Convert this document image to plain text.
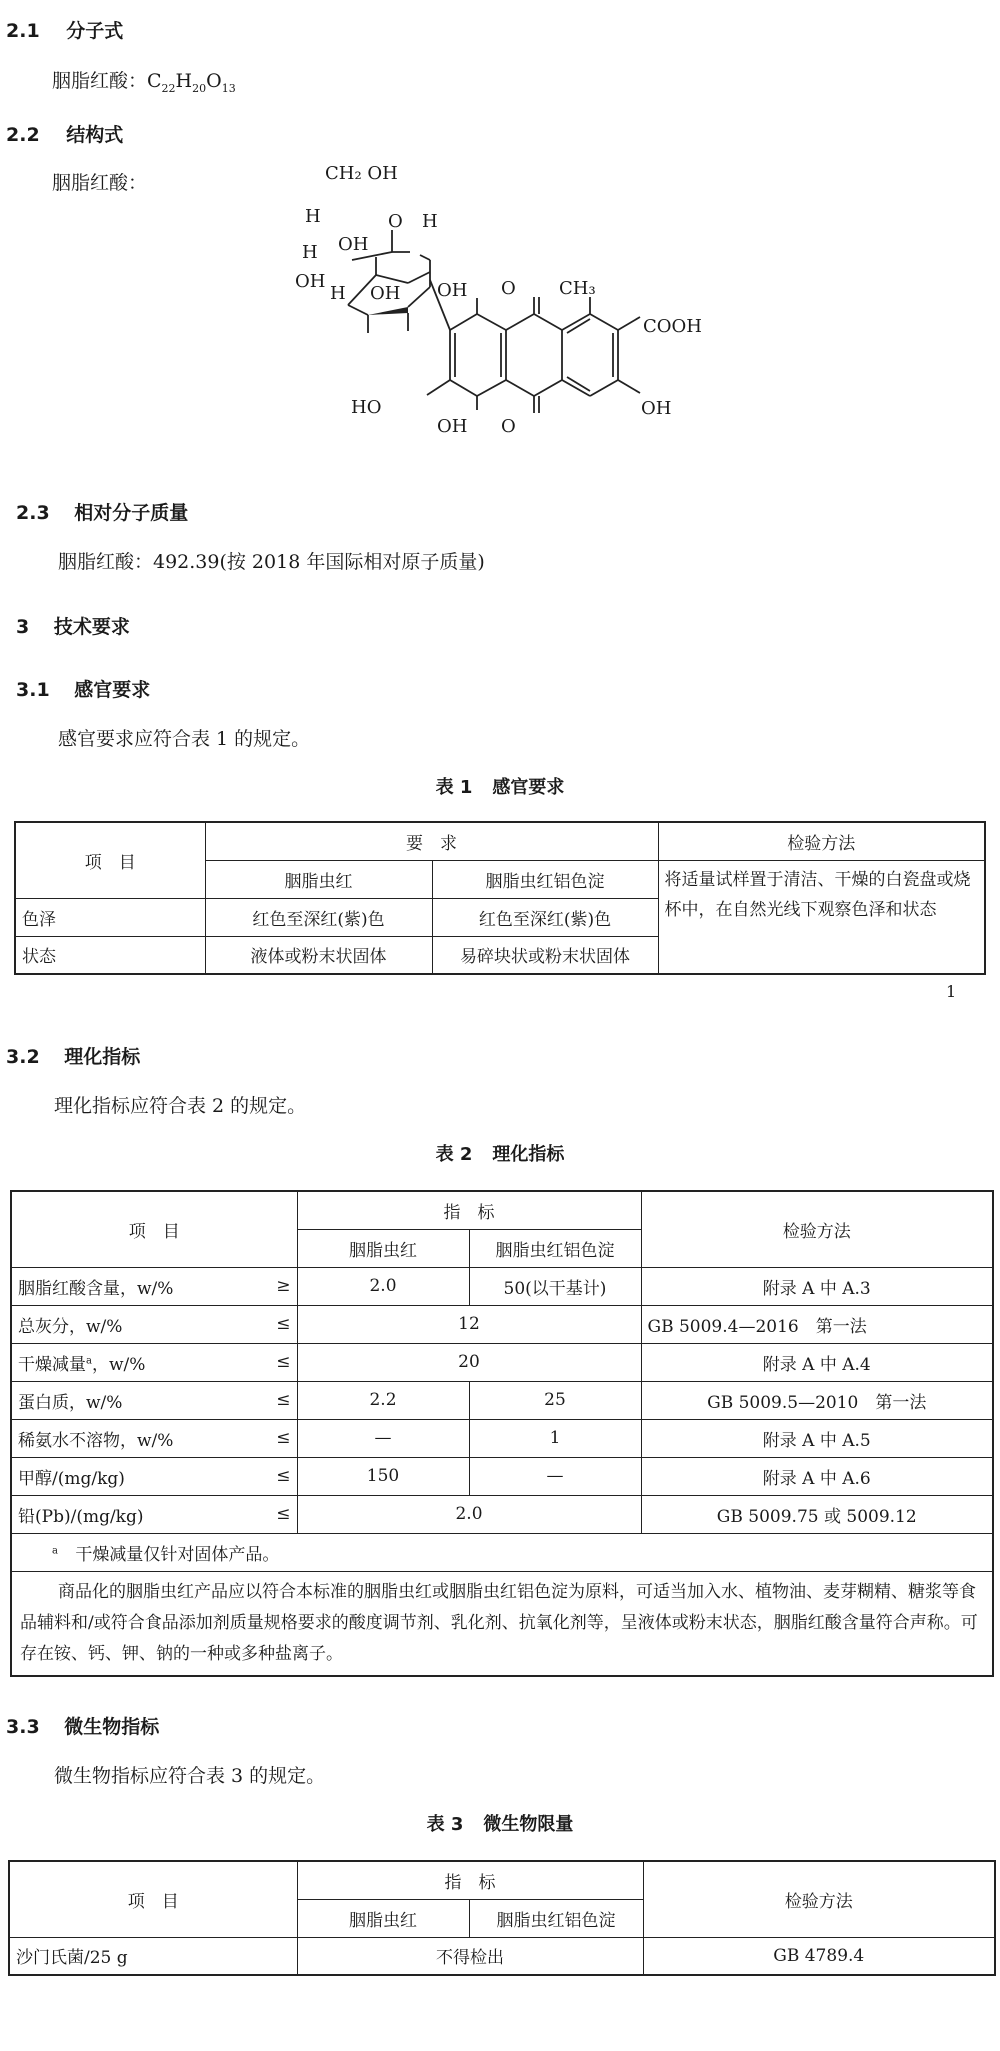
2.1 分子式
胭脂红酸：$C_{22}H_{20}O_{13}$
2.2 结构式
胭脂红酸：	CH₂ OH
H	O H
OH
H
OH
H OH OH O CH₃
COOH
HO	OH
OH O
2.3 相对分子质量
胭脂红酸：492.39(按 2018 年国际相对原子质量)
3 技术要求
3.1 感官要求
感官要求应符合表 1 的规定。
表 1 感官要求
项　目	要　求		检验方法
	胭脂虫红	胭脂虫红铝色淀	将适量试样置于清洁、干燥的白瓷盘或烧杯中，在自然光线下观察色泽和状态
色泽	红色至深红(紫)色	红色至深红(紫)色	
状态	液体或粉末状固体	易碎块状或粉末状固体	
1
3.2 理化指标
理化指标应符合表 2 的规定。
表 2 理化指标
项　目	指　标		检验方法
	胭脂虫红	胭脂虫红铝色淀	

胭脂红酸含量，w/% ≥	2.0	50(以干基计)	附录 A 中 A.3

总灰分，w/% ≤	12		GB 5009.4—2016　第一法

干燥减量$^a$，w/% ≤	20		附录 A 中 A.4

蛋白质，w/% ≤	2.2	25	GB 5009.5—2010　第一法

稀氨水不溶物，w/% ≤	—	1	附录 A 中 A.5

甲醇/(mg/kg) ≤	150	—	附录 A 中 A.6

铅(Pb)/(mg/kg) ≤	2.0		GB 5009.75 或 5009.12
$^a$ 干燥减量仅针对固体产品。			
商品化的胭脂虫红产品应以符合本标准的胭脂虫红或胭脂虫红铝色淀为原料，可适当加入水、植物油、麦芽糊精、糖浆等食品辅料和/或符合食品添加剂质量规格要求的酸度调节剂、乳化剂、抗氧化剂等，呈液体或粉末状态，胭脂红酸含量符合声称。可存在铵、钙、钾、钠的一种或多种盐离子。			
3.3 微生物指标
微生物指标应符合表 3 的规定。
表 3 微生物限量
项　目	指　标		检验方法
	胭脂虫红	胭脂虫红铝色淀	
沙门氏菌/25 g	不得检出		GB 4789.4
